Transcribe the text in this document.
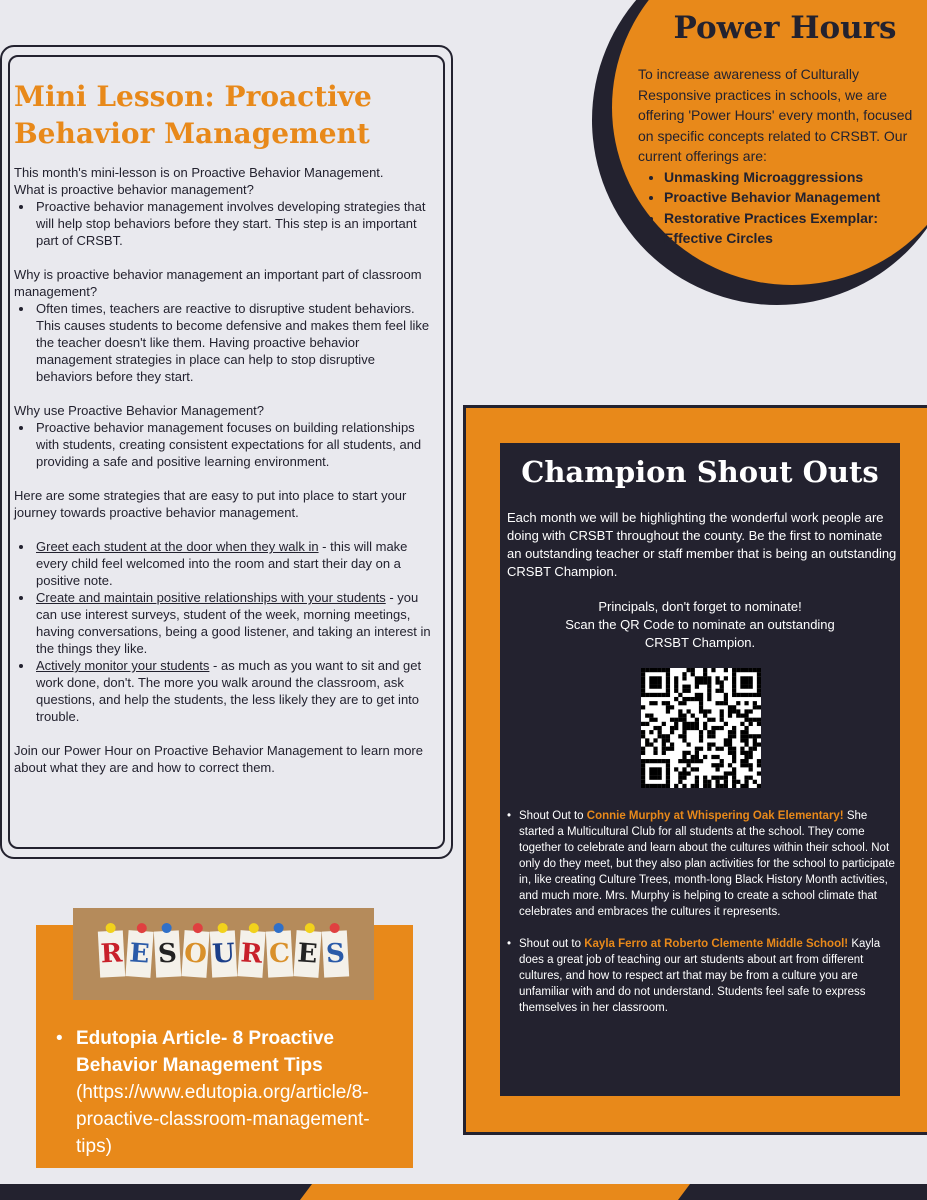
Mini Lesson: Proactive Behavior Management

This month's mini-lesson is on Proactive Behavior Management.

What is proactive behavior management?

• Proactive behavior management involves developing strategies that will help stop behaviors before they start. This step is an important part of CRSBT.

Why is proactive behavior management an important part of classroom management?

• Often times, teachers are reactive to disruptive student behaviors. This causes students to become defensive and makes them feel like the teacher doesn't like them. Having proactive behavior management strategies in place can help to stop disruptive behaviors before they start.

Why use Proactive Behavior Management?

• Proactive behavior management focuses on building relationships with students, creating consistent expectations for all students, and providing a safe and positive learning environment.

Here are some strategies that are easy to put into place to start your journey towards proactive behavior management.

• Greet each student at the door when they walk in - this will make every child feel welcomed into the room and start their day on a positive note.
• Create and maintain positive relationships with your students - you can use interest surveys, student of the week, morning meetings, having conversations, being a good listener, and taking an interest in the things they like.
• Actively monitor your students - as much as you want to sit and get work done, don't. The more you walk around the classroom, ask questions, and help the students, the less likely they are to get into trouble.

Join our Power Hour on Proactive Behavior Management to learn more about what they are and how to correct them.

Power Hours

To increase awareness of Culturally Responsive practices in schools, we are offering 'Power Hours' every month, focused on specific concepts related to CRSBT. Our current offerings are:

• Unmasking Microaggressions
• Proactive Behavior Management
• Restorative Practices Exemplar: Effective Circles
Champion Shout Outs
Each month we will be highlighting the wonderful work people are doing with CRSBT throughout the county. Be the first to nominate an outstanding teacher or staff member that is being an outstanding CRSBT Champion.
Principals, don't forget to nominate!
Scan the QR Code to nominate an outstanding CRSBT Champion.
• Shout Out to Connie Murphy at Whispering Oak Elementary! She started a Multicultural Club for all students at the school. They come together to celebrate and learn about the cultures within their school. Not only do they meet, but they also plan activities for the school to participate in, like creating Culture Trees, month-long Black History Month activities, and much more. Mrs. Murphy is helping to create a school climate that celebrates and embraces the cultures it represents.
• Shout out to Kayla Ferro at Roberto Clemente Middle School! Kayla does a great job of teaching our art students about art from different cultures, and how to respect art that may be from a culture you are unfamiliar with and do not understand. Students feel safe to express themselves in her classroom.
R E S O U R C E S
• Edutopia Article- 8 Proactive Behavior Management Tips
(https://www.edutopia.org/article/8-proactive-classroom-management-tips)
